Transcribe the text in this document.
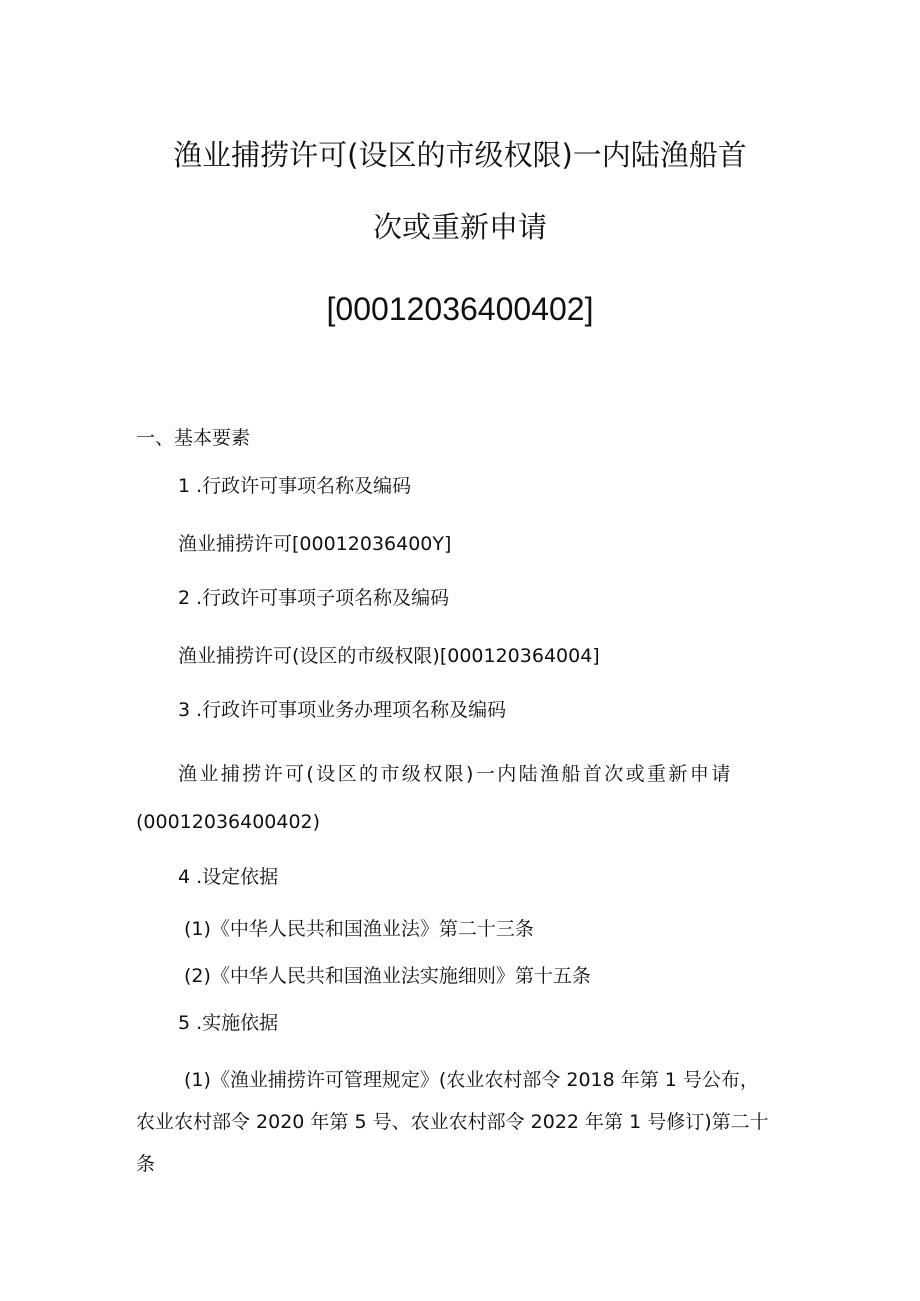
渔业捕捞许可(设区的市级权限)一内陆渔船首
次或重新申请
[00012036400402]
一、基本要素
1 .行政许可事项名称及编码
渔业捕捞许可[00012036400Y]
2 .行政许可事项子项名称及编码
渔业捕捞许可(设区的市级权限)[000120364004]
3 .行政许可事项业务办理项名称及编码
渔业捕捞许可(设区的市级权限)一内陆渔船首次或重新申请
(00012036400402)
4 .设定依据
(1)《中华人民共和国渔业法》第二十三条
(2)《中华人民共和国渔业法实施细则》第十五条
5 .实施依据
(1)《渔业捕捞许可管理规定》(农业农村部令 2018 年第 1 号公布，
农业农村部令 2020 年第 5 号、农业农村部令 2022 年第 1 号修订)第二十
条
